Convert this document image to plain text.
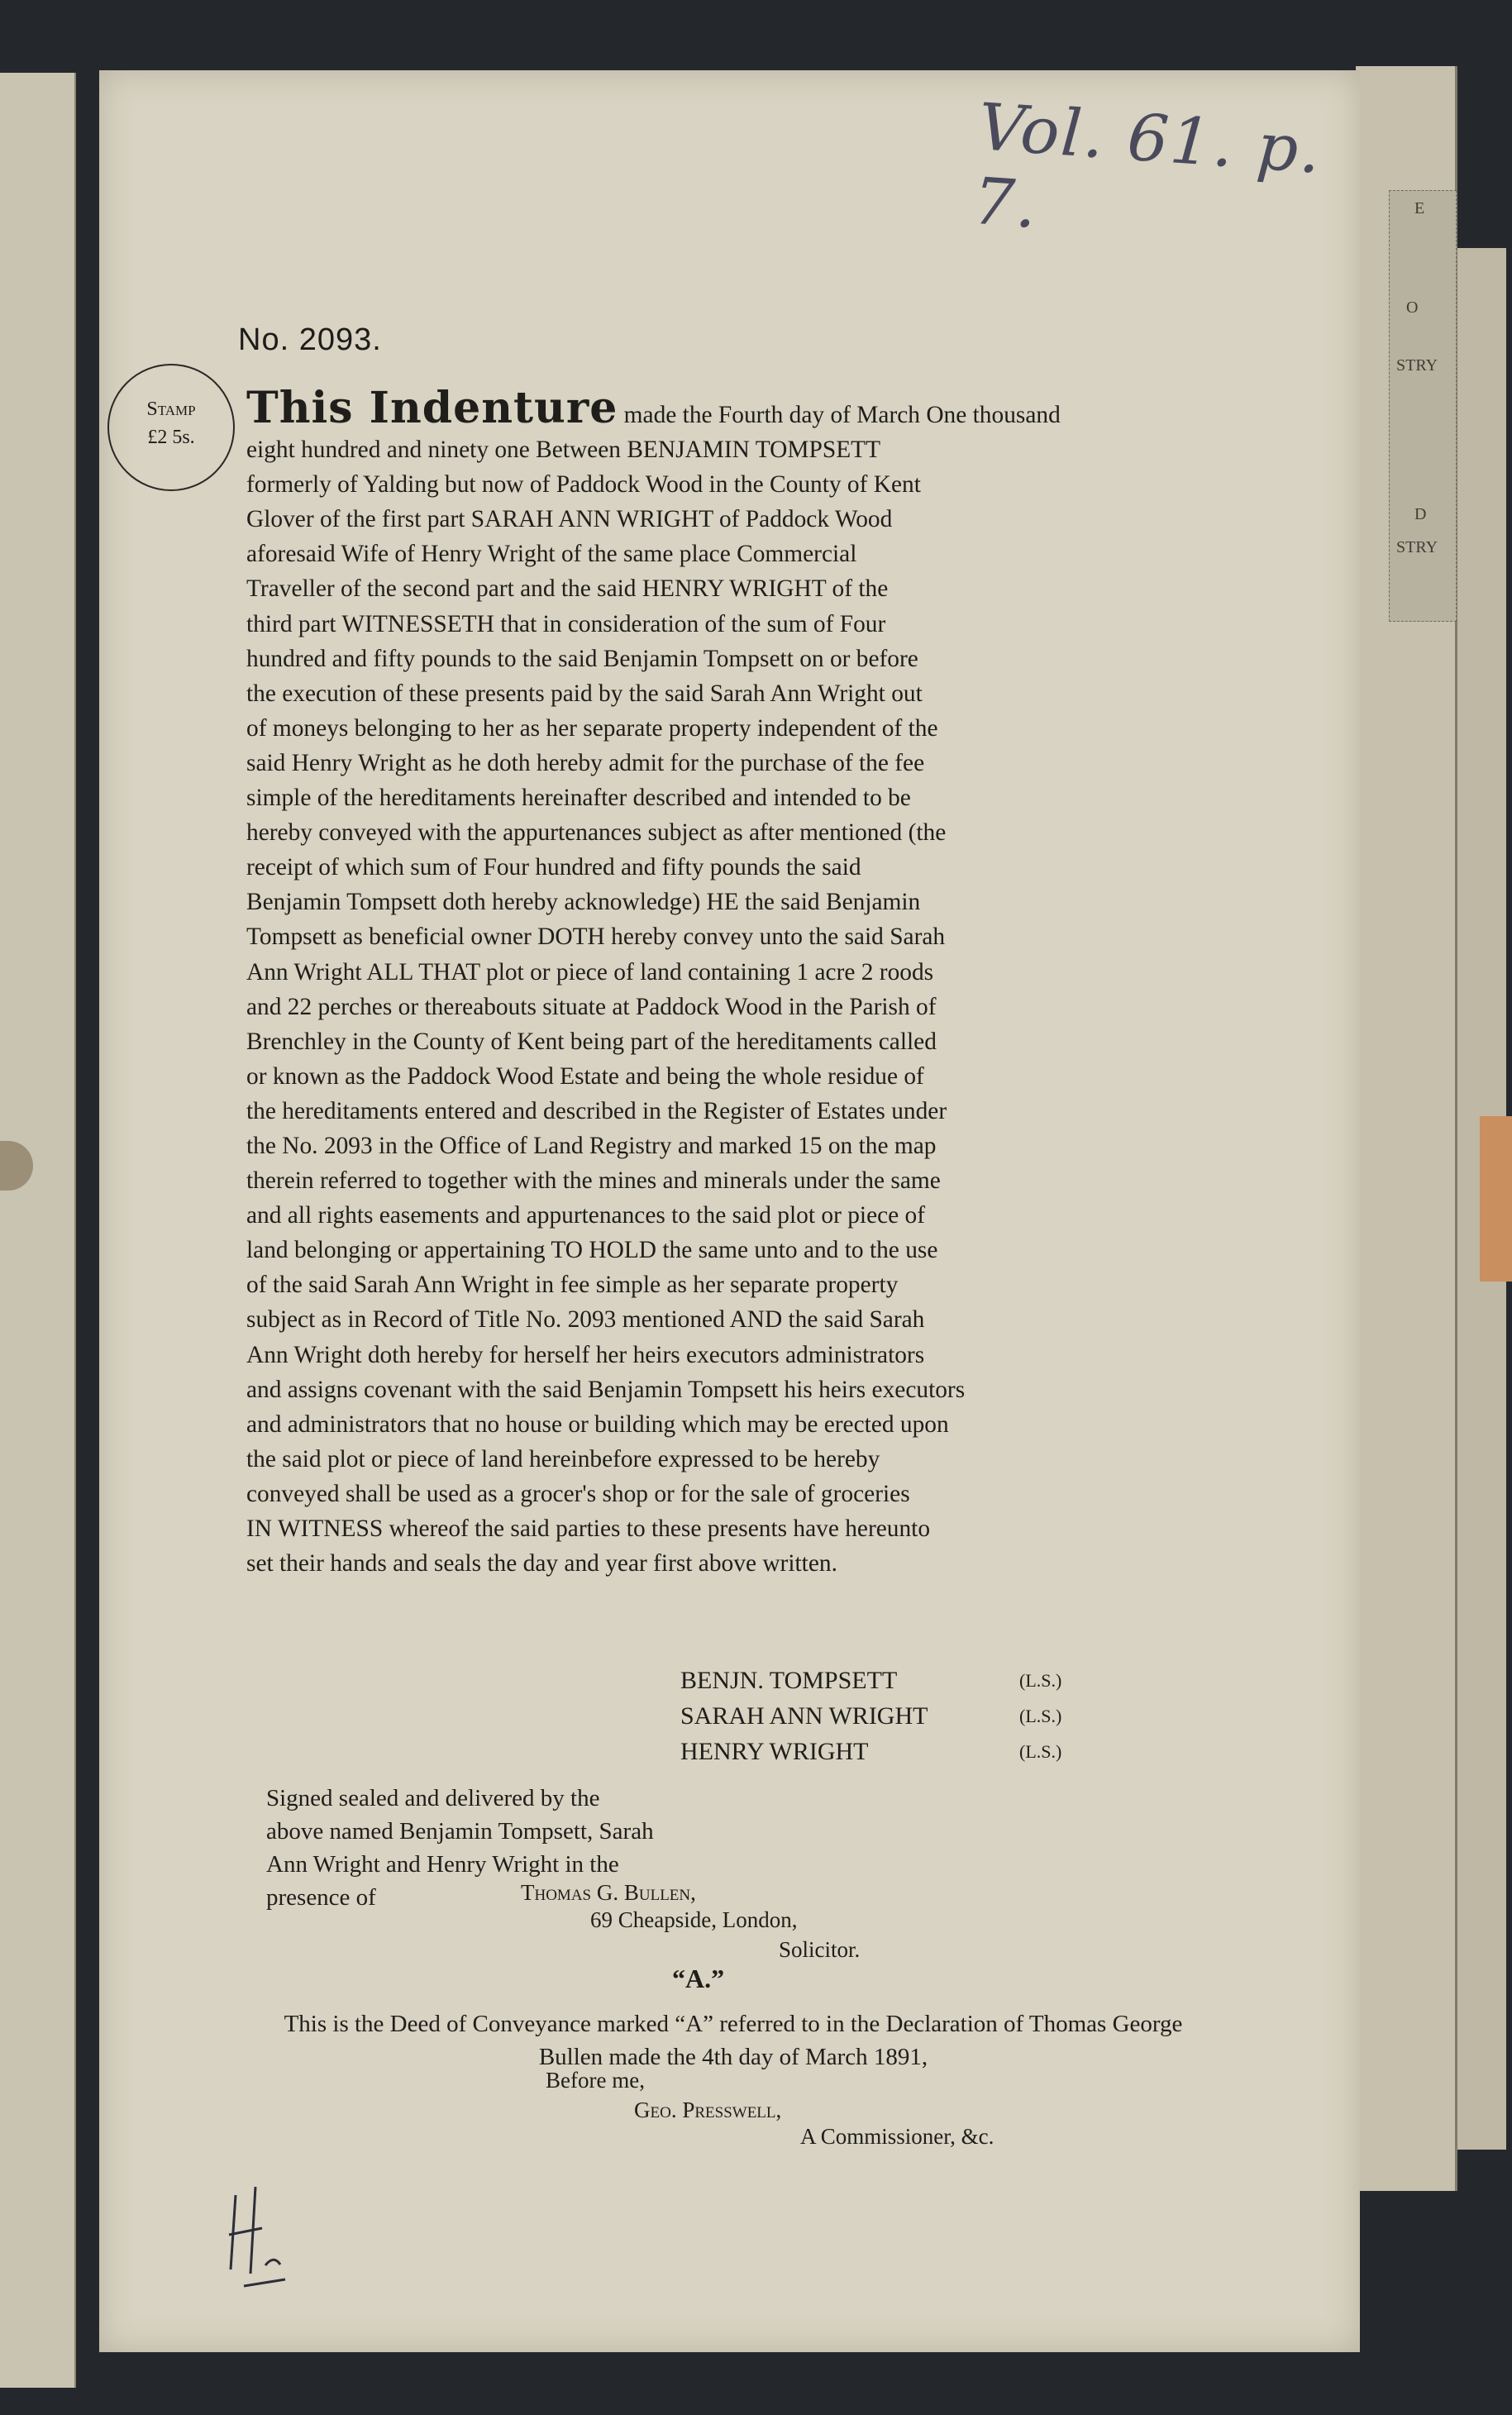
E
O
STRY
D
STRY
Vol. 61. p. 7.
No. 2093.
Stamp
£2 5s.

This Indenture made the Fourth day of March One thousand

eight hundred and ninety one Between BENJAMIN TOMPSETT

formerly of Yalding but now of Paddock Wood in the County of Kent

Glover of the first part SARAH ANN WRIGHT of Paddock Wood

aforesaid Wife of Henry Wright of the same place Commercial

Traveller of the second part and the said HENRY WRIGHT of the

third part WITNESSETH that in consideration of the sum of Four

hundred and fifty pounds to the said Benjamin Tompsett on or before

the execution of these presents paid by the said Sarah Ann Wright out

of moneys belonging to her as her separate property independent of the

said Henry Wright as he doth hereby admit for the purchase of the fee

simple of the hereditaments hereinafter described and intended to be

hereby conveyed with the appurtenances subject as after mentioned (the

receipt of which sum of Four hundred and fifty pounds the said

Benjamin Tompsett doth hereby acknowledge) HE the said Benjamin

Tompsett as beneficial owner DOTH hereby convey unto the said Sarah

Ann Wright ALL THAT plot or piece of land containing 1 acre 2 roods

and 22 perches or thereabouts situate at Paddock Wood in the Parish of

Brenchley in the County of Kent being part of the hereditaments called

or known as the Paddock Wood Estate and being the whole residue of

the hereditaments entered and described in the Register of Estates under

the No. 2093 in the Office of Land Registry and marked 15 on the map

therein referred to together with the mines and minerals under the same

and all rights easements and appurtenances to the said plot or piece of

land belonging or appertaining TO HOLD the same unto and to the use

of the said Sarah Ann Wright in fee simple as her separate property

subject as in Record of Title No. 2093 mentioned AND the said Sarah

Ann Wright doth hereby for herself her heirs executors administrators

and assigns covenant with the said Benjamin Tompsett his heirs executors

and administrators that no house or building which may be erected upon

the said plot or piece of land hereinbefore expressed to be hereby

conveyed shall be used as a grocer's shop or for the sale of groceries

IN WITNESS whereof the said parties to these presents have hereunto

set their hands and seals the day and year first above written.

BENJN. TOMPSETT	(L.S.)
SARAH ANN WRIGHT	(L.S.)
HENRY WRIGHT	(L.S.)
Signed sealed and delivered by the above named Benjamin Tompsett, Sarah Ann Wright and Henry Wright in the presence of	Thomas G. Bullen,
69 Cheapside, London,
Solicitor.
“A.”
This is the Deed of Conveyance marked “A” referred to in the Declaration of Thomas George Bullen made the 4th day of March 1891,
Before me,
Geo. Presswell,
A Commissioner, &c.
